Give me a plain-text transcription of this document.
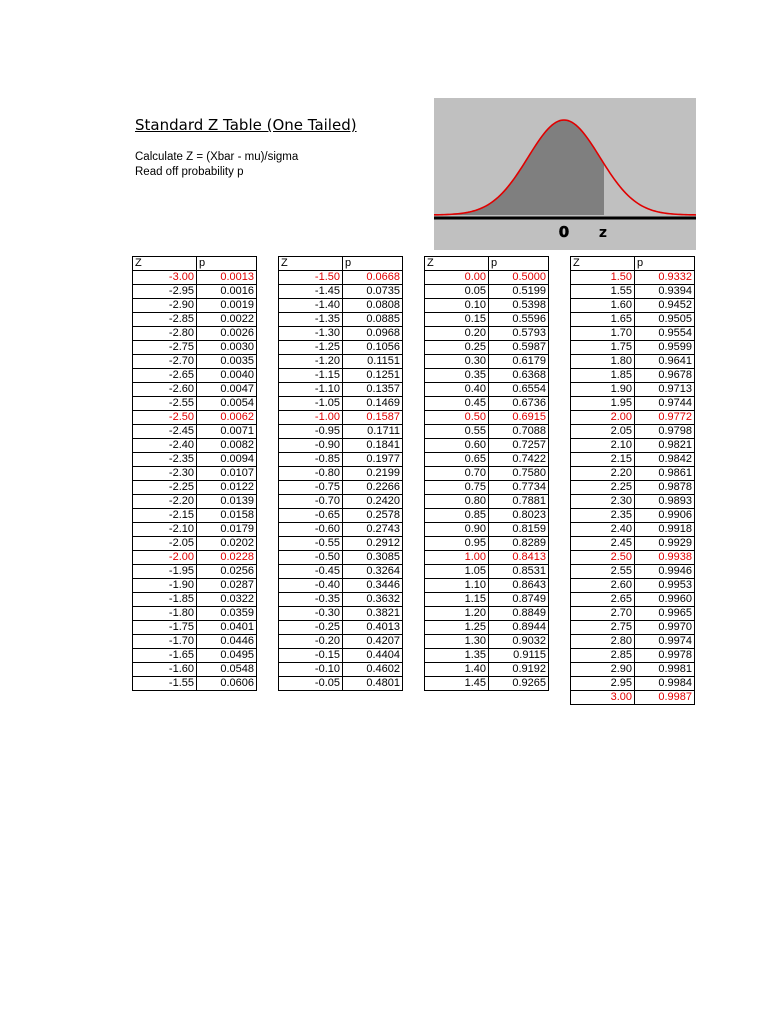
Standard Z Table (One Tailed)
Calculate Z = (Xbar - mu)/sigma
Read off probability p
0 z
Z	p
-3.00	0.0013
-2.95	0.0016
-2.90	0.0019
-2.85	0.0022
-2.80	0.0026
-2.75	0.0030
-2.70	0.0035
-2.65	0.0040
-2.60	0.0047
-2.55	0.0054
-2.50	0.0062
-2.45	0.0071
-2.40	0.0082
-2.35	0.0094
-2.30	0.0107
-2.25	0.0122
-2.20	0.0139
-2.15	0.0158
-2.10	0.0179
-2.05	0.0202
-2.00	0.0228
-1.95	0.0256
-1.90	0.0287
-1.85	0.0322
-1.80	0.0359
-1.75	0.0401
-1.70	0.0446
-1.65	0.0495
-1.60	0.0548
-1.55	0.0606
Z	p
-1.50	0.0668
-1.45	0.0735
-1.40	0.0808
-1.35	0.0885
-1.30	0.0968
-1.25	0.1056
-1.20	0.1151
-1.15	0.1251
-1.10	0.1357
-1.05	0.1469
-1.00	0.1587
-0.95	0.1711
-0.90	0.1841
-0.85	0.1977
-0.80	0.2199
-0.75	0.2266
-0.70	0.2420
-0.65	0.2578
-0.60	0.2743
-0.55	0.2912
-0.50	0.3085
-0.45	0.3264
-0.40	0.3446
-0.35	0.3632
-0.30	0.3821
-0.25	0.4013
-0.20	0.4207
-0.15	0.4404
-0.10	0.4602
-0.05	0.4801
Z	p
0.00	0.5000
0.05	0.5199
0.10	0.5398
0.15	0.5596
0.20	0.5793
0.25	0.5987
0.30	0.6179
0.35	0.6368
0.40	0.6554
0.45	0.6736
0.50	0.6915
0.55	0.7088
0.60	0.7257
0.65	0.7422
0.70	0.7580
0.75	0.7734
0.80	0.7881
0.85	0.8023
0.90	0.8159
0.95	0.8289
1.00	0.8413
1.05	0.8531
1.10	0.8643
1.15	0.8749
1.20	0.8849
1.25	0.8944
1.30	0.9032
1.35	0.9115
1.40	0.9192
1.45	0.9265
Z	p
1.50	0.9332
1.55	0.9394
1.60	0.9452
1.65	0.9505
1.70	0.9554
1.75	0.9599
1.80	0.9641
1.85	0.9678
1.90	0.9713
1.95	0.9744
2.00	0.9772
2.05	0.9798
2.10	0.9821
2.15	0.9842
2.20	0.9861
2.25	0.9878
2.30	0.9893
2.35	0.9906
2.40	0.9918
2.45	0.9929
2.50	0.9938
2.55	0.9946
2.60	0.9953
2.65	0.9960
2.70	0.9965
2.75	0.9970
2.80	0.9974
2.85	0.9978
2.90	0.9981
2.95	0.9984
3.00	0.9987
